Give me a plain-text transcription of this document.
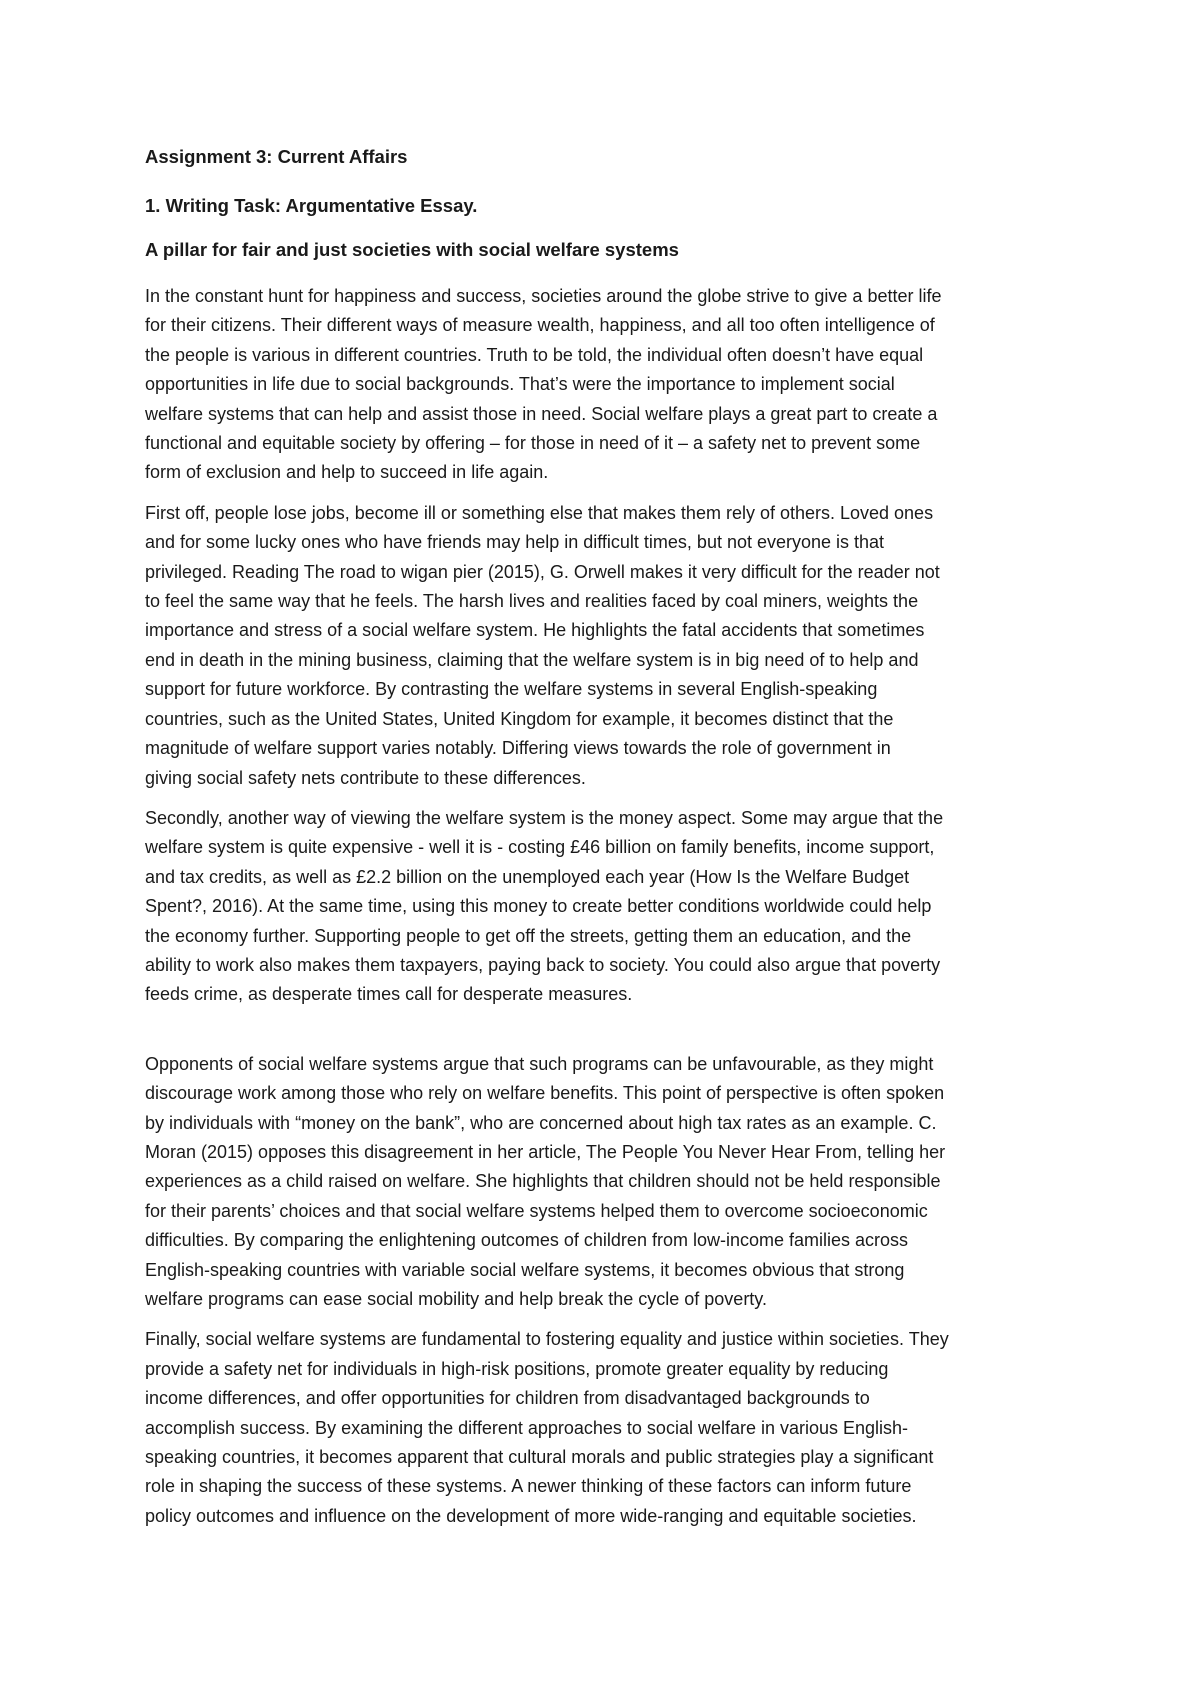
Assignment 3: Current Affairs

1. Writing Task: Argumentative Essay.

A pillar for fair and just societies with social welfare systems

In the constant hunt for happiness and success, societies around the globe strive to give a better life
for their citizens. Their different ways of measure wealth, happiness, and all too often intelligence of
the people is various in different countries. Truth to be told, the individual often doesn’t have equal
opportunities in life due to social backgrounds. That’s were the importance to implement social
welfare systems that can help and assist those in need. Social welfare plays a great part to create a
functional and equitable society by offering – for those in need of it – a safety net to prevent some
form of exclusion and help to succeed in life again.

First off, people lose jobs, become ill or something else that makes them rely of others. Loved ones
and for some lucky ones who have friends may help in difficult times, but not everyone is that
privileged. Reading The road to wigan pier (2015), G. Orwell makes it very difficult for the reader not
to feel the same way that he feels. The harsh lives and realities faced by coal miners, weights the
importance and stress of a social welfare system. He highlights the fatal accidents that sometimes
end in death in the mining business, claiming that the welfare system is in big need of to help and
support for future workforce. By contrasting the welfare systems in several English-speaking
countries, such as the United States, United Kingdom for example, it becomes distinct that the
magnitude of welfare support varies notably. Differing views towards the role of government in
giving social safety nets contribute to these differences.

Secondly, another way of viewing the welfare system is the money aspect. Some may argue that the
welfare system is quite expensive - well it is - costing £46 billion on family benefits, income support,
and tax credits, as well as £2.2 billion on the unemployed each year (How Is the Welfare Budget
Spent?, 2016). At the same time, using this money to create better conditions worldwide could help
the economy further. Supporting people to get off the streets, getting them an education, and the
ability to work also makes them taxpayers, paying back to society. You could also argue that poverty
feeds crime, as desperate times call for desperate measures.

Opponents of social welfare systems argue that such programs can be unfavourable, as they might
discourage work among those who rely on welfare benefits. This point of perspective is often spoken
by individuals with “money on the bank”, who are concerned about high tax rates as an example. C.
Moran (2015) opposes this disagreement in her article, The People You Never Hear From, telling her
experiences as a child raised on welfare. She highlights that children should not be held responsible
for their parents’ choices and that social welfare systems helped them to overcome socioeconomic
difficulties. By comparing the enlightening outcomes of children from low-income families across
English-speaking countries with variable social welfare systems, it becomes obvious that strong
welfare programs can ease social mobility and help break the cycle of poverty.

Finally, social welfare systems are fundamental to fostering equality and justice within societies. They
provide a safety net for individuals in high-risk positions, promote greater equality by reducing
income differences, and offer opportunities for children from disadvantaged backgrounds to
accomplish success. By examining the different approaches to social welfare in various English-
speaking countries, it becomes apparent that cultural morals and public strategies play a significant
role in shaping the success of these systems. A newer thinking of these factors can inform future
policy outcomes and influence on the development of more wide-ranging and equitable societies.
